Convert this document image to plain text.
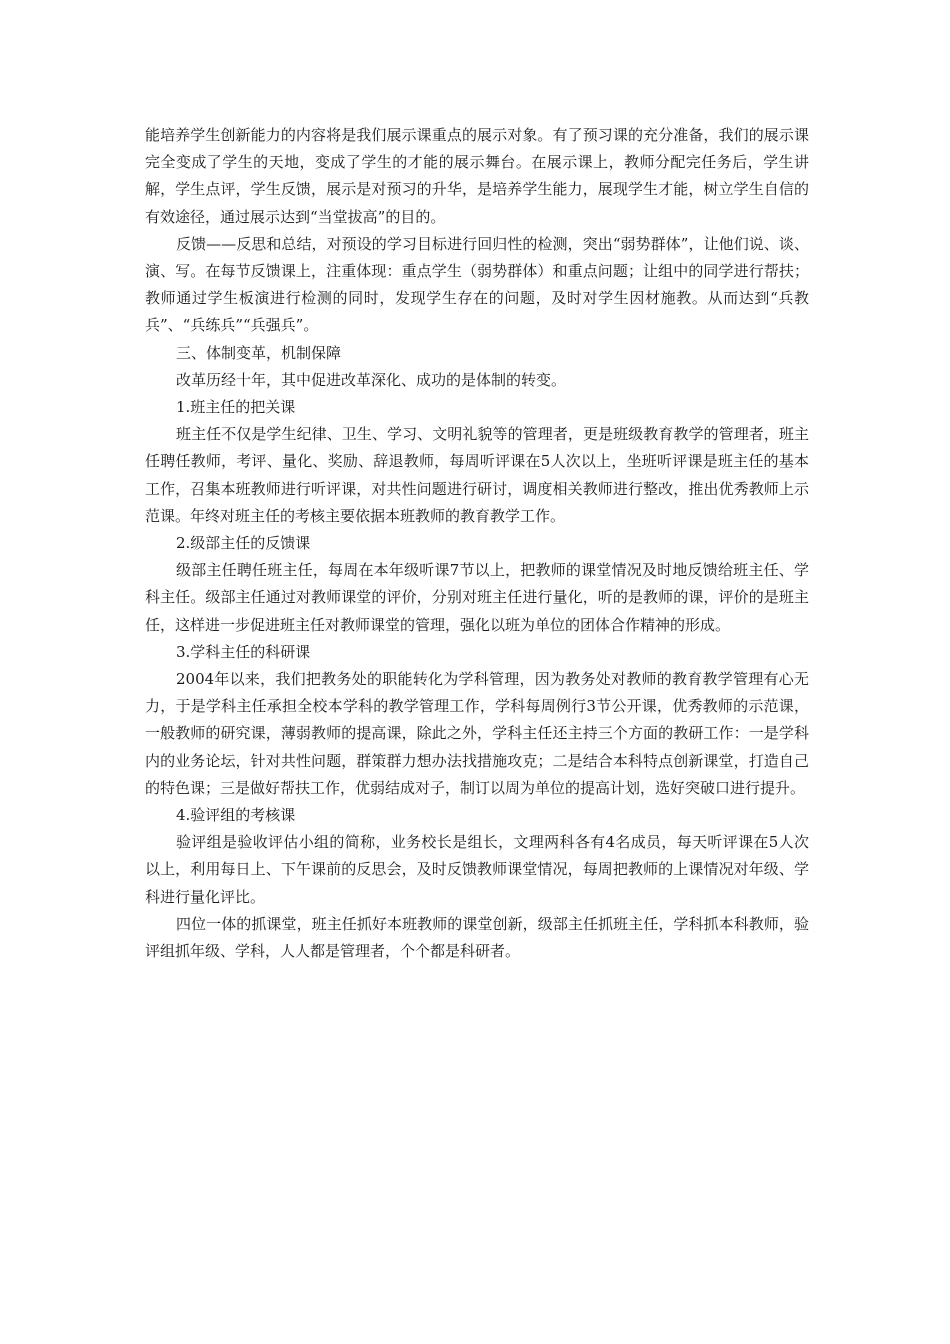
能培养学生创新能力的内容将是我们展示课重点的展示对象。有了预习课的充分准备，我们的展示课完全变成了学生的天地，变成了学生的才能的展示舞台。在展示课上，教师分配完任务后，学生讲解，学生点评，学生反馈，展示是对预习的升华，是培养学生能力，展现学生才能，树立学生自信的有效途径，通过展示达到“当堂拔高”的目的。

反馈——反思和总结，对预设的学习目标进行回归性的检测，突出“弱势群体”，让他们说、谈、演、写。在每节反馈课上，注重体现：重点学生（弱势群体）和重点问题；让组中的同学进行帮扶；教师通过学生板演进行检测的同时，发现学生存在的问题，及时对学生因材施教。从而达到“兵教兵”、“兵练兵”“兵强兵”。

三、体制变革，机制保障

改革历经十年，其中促进改革深化、成功的是体制的转变。

1.班主任的把关课

班主任不仅是学生纪律、卫生、学习、文明礼貌等的管理者，更是班级教育教学的管理者，班主任聘任教师，考评、量化、奖励、辞退教师，每周听评课在5人次以上，坐班听评课是班主任的基本工作，召集本班教师进行听评课，对共性问题进行研讨，调度相关教师进行整改，推出优秀教师上示范课。年终对班主任的考核主要依据本班教师的教育教学工作。

2.级部主任的反馈课

级部主任聘任班主任，每周在本年级听课7节以上，把教师的课堂情况及时地反馈给班主任、学科主任。级部主任通过对教师课堂的评价，分别对班主任进行量化，听的是教师的课，评价的是班主任，这样进一步促进班主任对教师课堂的管理，强化以班为单位的团体合作精神的形成。

3.学科主任的科研课

2004年以来，我们把教务处的职能转化为学科管理，因为教务处对教师的教育教学管理有心无力，于是学科主任承担全校本学科的教学管理工作，学科每周例行3节公开课，优秀教师的示范课，一般教师的研究课，薄弱教师的提高课，除此之外，学科主任还主持三个方面的教研工作：一是学科内的业务论坛，针对共性问题，群策群力想办法找措施攻克；二是结合本科特点创新课堂，打造自己的特色课；三是做好帮扶工作，优弱结成对子，制订以周为单位的提高计划，选好突破口进行提升。

4.验评组的考核课

验评组是验收评估小组的简称，业务校长是组长，文理两科各有4名成员，每天听评课在5人次以上，利用每日上、下午课前的反思会，及时反馈教师课堂情况，每周把教师的上课情况对年级、学科进行量化评比。

四位一体的抓课堂，班主任抓好本班教师的课堂创新，级部主任抓班主任，学科抓本科教师，验评组抓年级、学科，人人都是管理者，个个都是科研者。
